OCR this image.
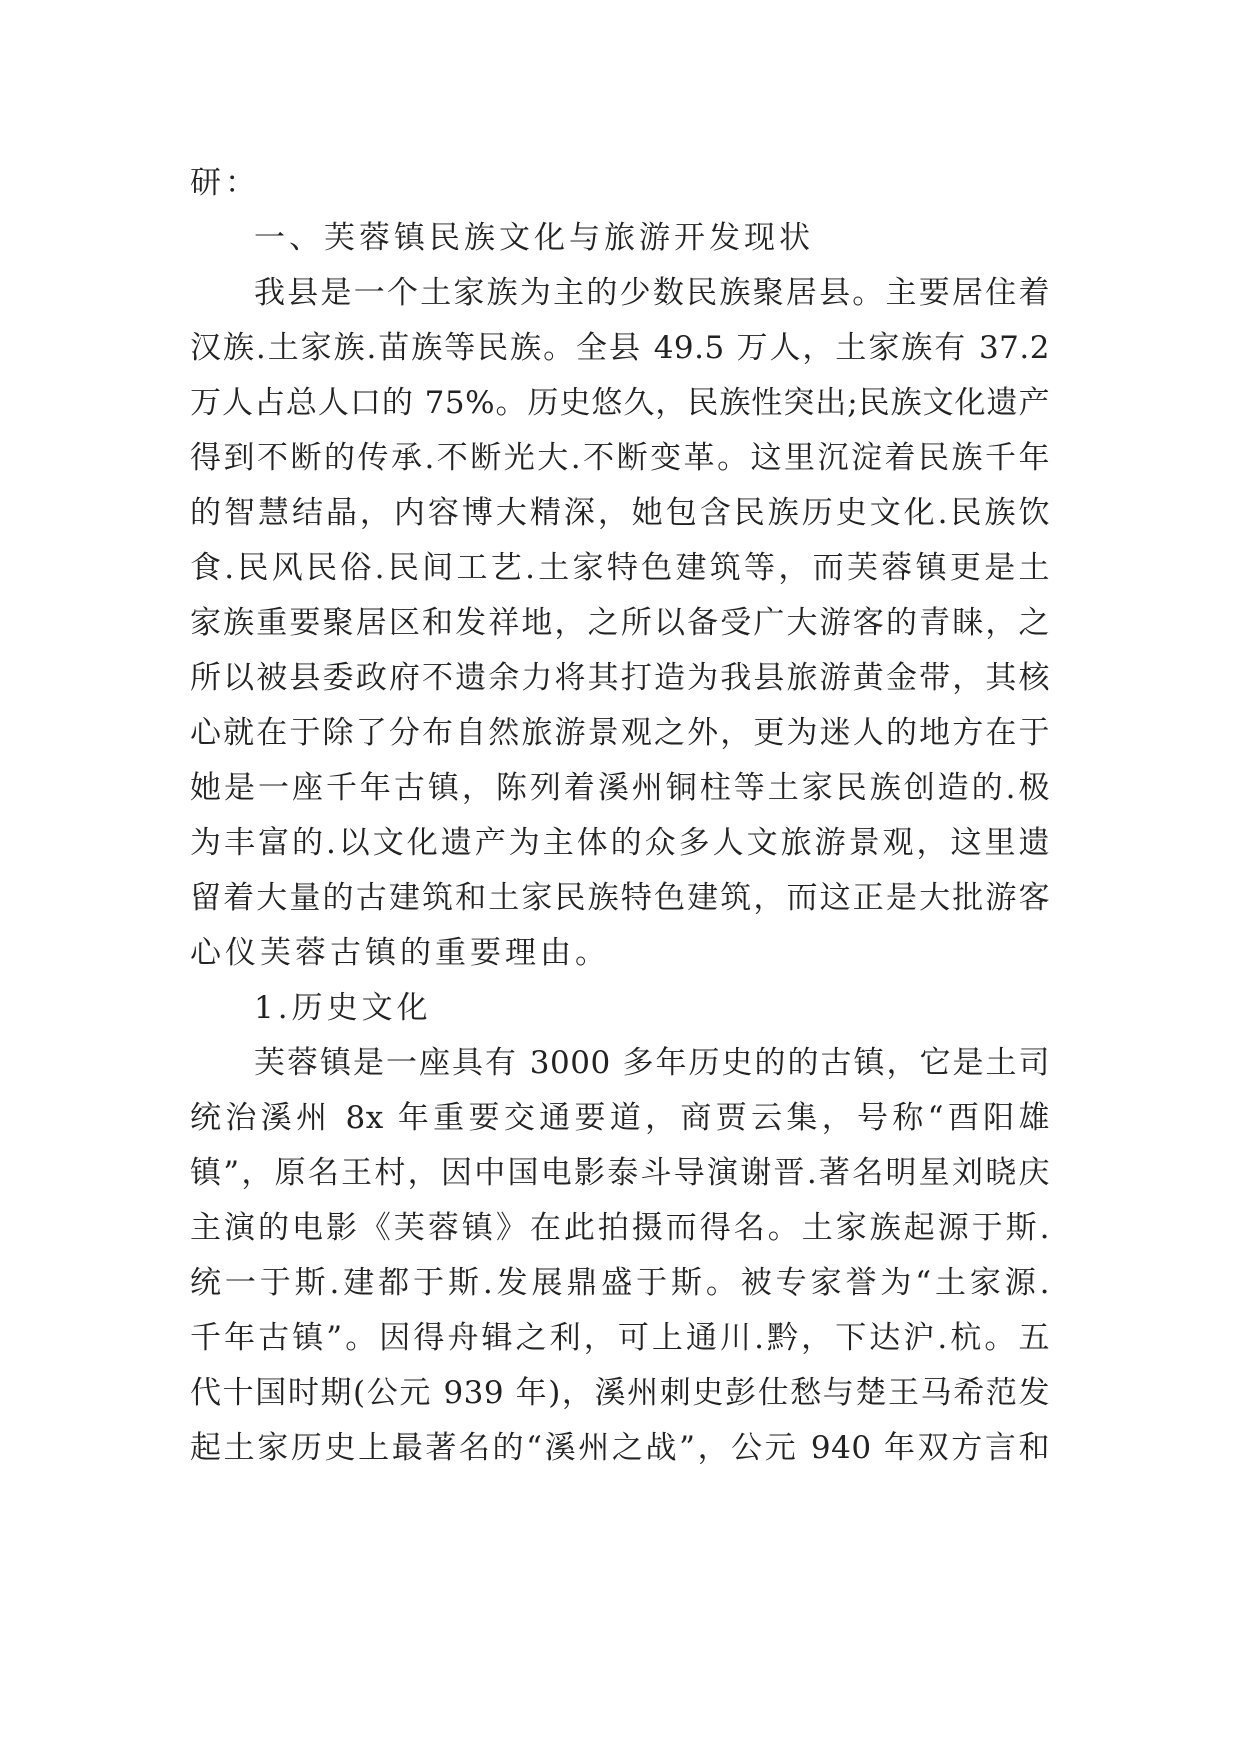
研：
一、芙蓉镇民族文化与旅游开发现状
我县是一个土家族为主的少数民族聚居县。主要居住着
汉族.土家族.苗族等民族。全县 49.5 万人，土家族有 37.2
万人占总人口的 75%。历史悠久，民族性突出;民族文化遗产
得到不断的传承.不断光大.不断变革。这里沉淀着民族千年
的智慧结晶，内容博大精深，她包含民族历史文化.民族饮
食.民风民俗.民间工艺.土家特色建筑等，而芙蓉镇更是土
家族重要聚居区和发祥地，之所以备受广大游客的青睐，之
所以被县委政府不遗余力将其打造为我县旅游黄金带，其核
心就在于除了分布自然旅游景观之外，更为迷人的地方在于
她是一座千年古镇，陈列着溪州铜柱等土家民族创造的.极
为丰富的.以文化遗产为主体的众多人文旅游景观，这里遗
留着大量的古建筑和土家民族特色建筑，而这正是大批游客
心仪芙蓉古镇的重要理由。
1.历史文化
芙蓉镇是一座具有 3000 多年历史的的古镇，它是土司
统治溪州 8x 年重要交通要道，商贾云集，号称“酉阳雄
镇”，原名王村，因中国电影泰斗导演谢晋.著名明星刘晓庆
主演的电影《芙蓉镇》在此拍摄而得名。土家族起源于斯.
统一于斯.建都于斯.发展鼎盛于斯。被专家誉为“土家源.
千年古镇”。因得舟辑之利，可上通川.黔，下达沪.杭。五
代十国时期(公元 939 年)，溪州刺史彭仕愁与楚王马希范发
起土家历史上最著名的“溪州之战”，公元 940 年双方言和
